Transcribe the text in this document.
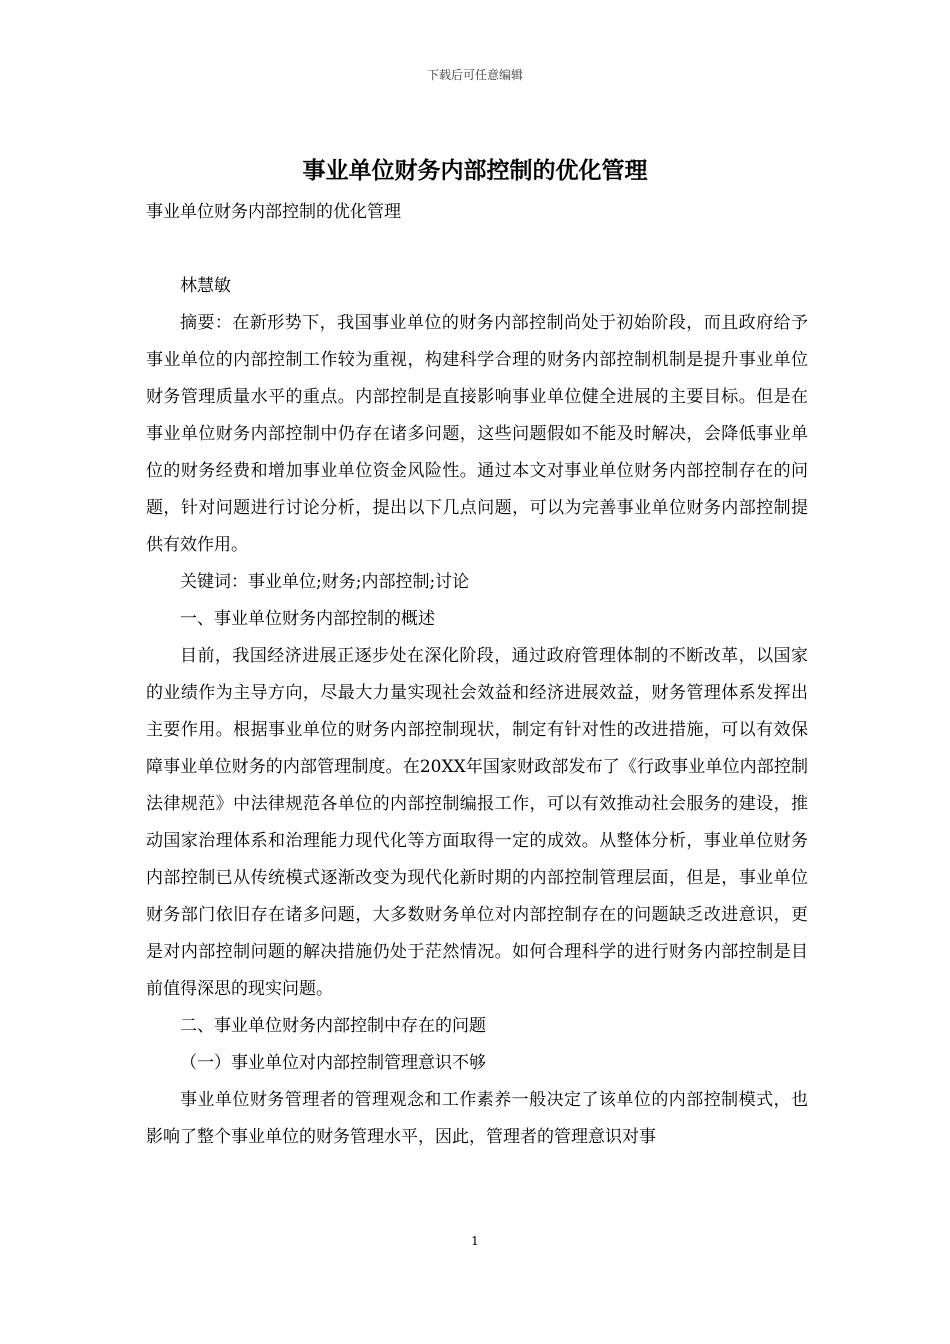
下载后可任意编辑
事业单位财务内部控制的优化管理

事业单位财务内部控制的优化管理

林慧敏

摘要：在新形势下，我国事业单位的财务内部控制尚处于初始阶段，而且政府给予事业单位的内部控制工作较为重视，构建科学合理的财务内部控制机制是提升事业单位财务管理质量水平的重点。内部控制是直接影响事业单位健全进展的主要目标。但是在事业单位财务内部控制中仍存在诸多问题，这些问题假如不能及时解决，会降低事业单位的财务经费和增加事业单位资金风险性。通过本文对事业单位财务内部控制存在的问题，针对问题进行讨论分析，提出以下几点问题，可以为完善事业单位财务内部控制提供有效作用。

关键词：事业单位;财务;内部控制;讨论

一、事业单位财务内部控制的概述

目前，我国经济进展正逐步处在深化阶段，通过政府管理体制的不断改革，以国家的业绩作为主导方向，尽最大力量实现社会效益和经济进展效益，财务管理体系发挥出主要作用。根据事业单位的财务内部控制现状，制定有针对性的改进措施，可以有效保障事业单位财务的内部管理制度。在20XX年国家财政部发布了《行政事业单位内部控制法律规范》中法律规范各单位的内部控制编报工作，可以有效推动社会服务的建设，推动国家治理体系和治理能力现代化等方面取得一定的成效。从整体分析，事业单位财务内部控制已从传统模式逐渐改变为现代化新时期的内部控制管理层面，但是，事业单位财务部门依旧存在诸多问题，大多数财务单位对内部控制存在的问题缺乏改进意识，更是对内部控制问题的解决措施仍处于茫然情况。如何合理科学的进行财务内部控制是目前值得深思的现实问题。

二、事业单位财务内部控制中存在的问题

（一）事业单位对内部控制管理意识不够

事业单位财务管理者的管理观念和工作素养一般决定了该单位的内部控制模式，也影响了整个事业单位的财务管理水平，因此，管理者的管理意识对事

1
